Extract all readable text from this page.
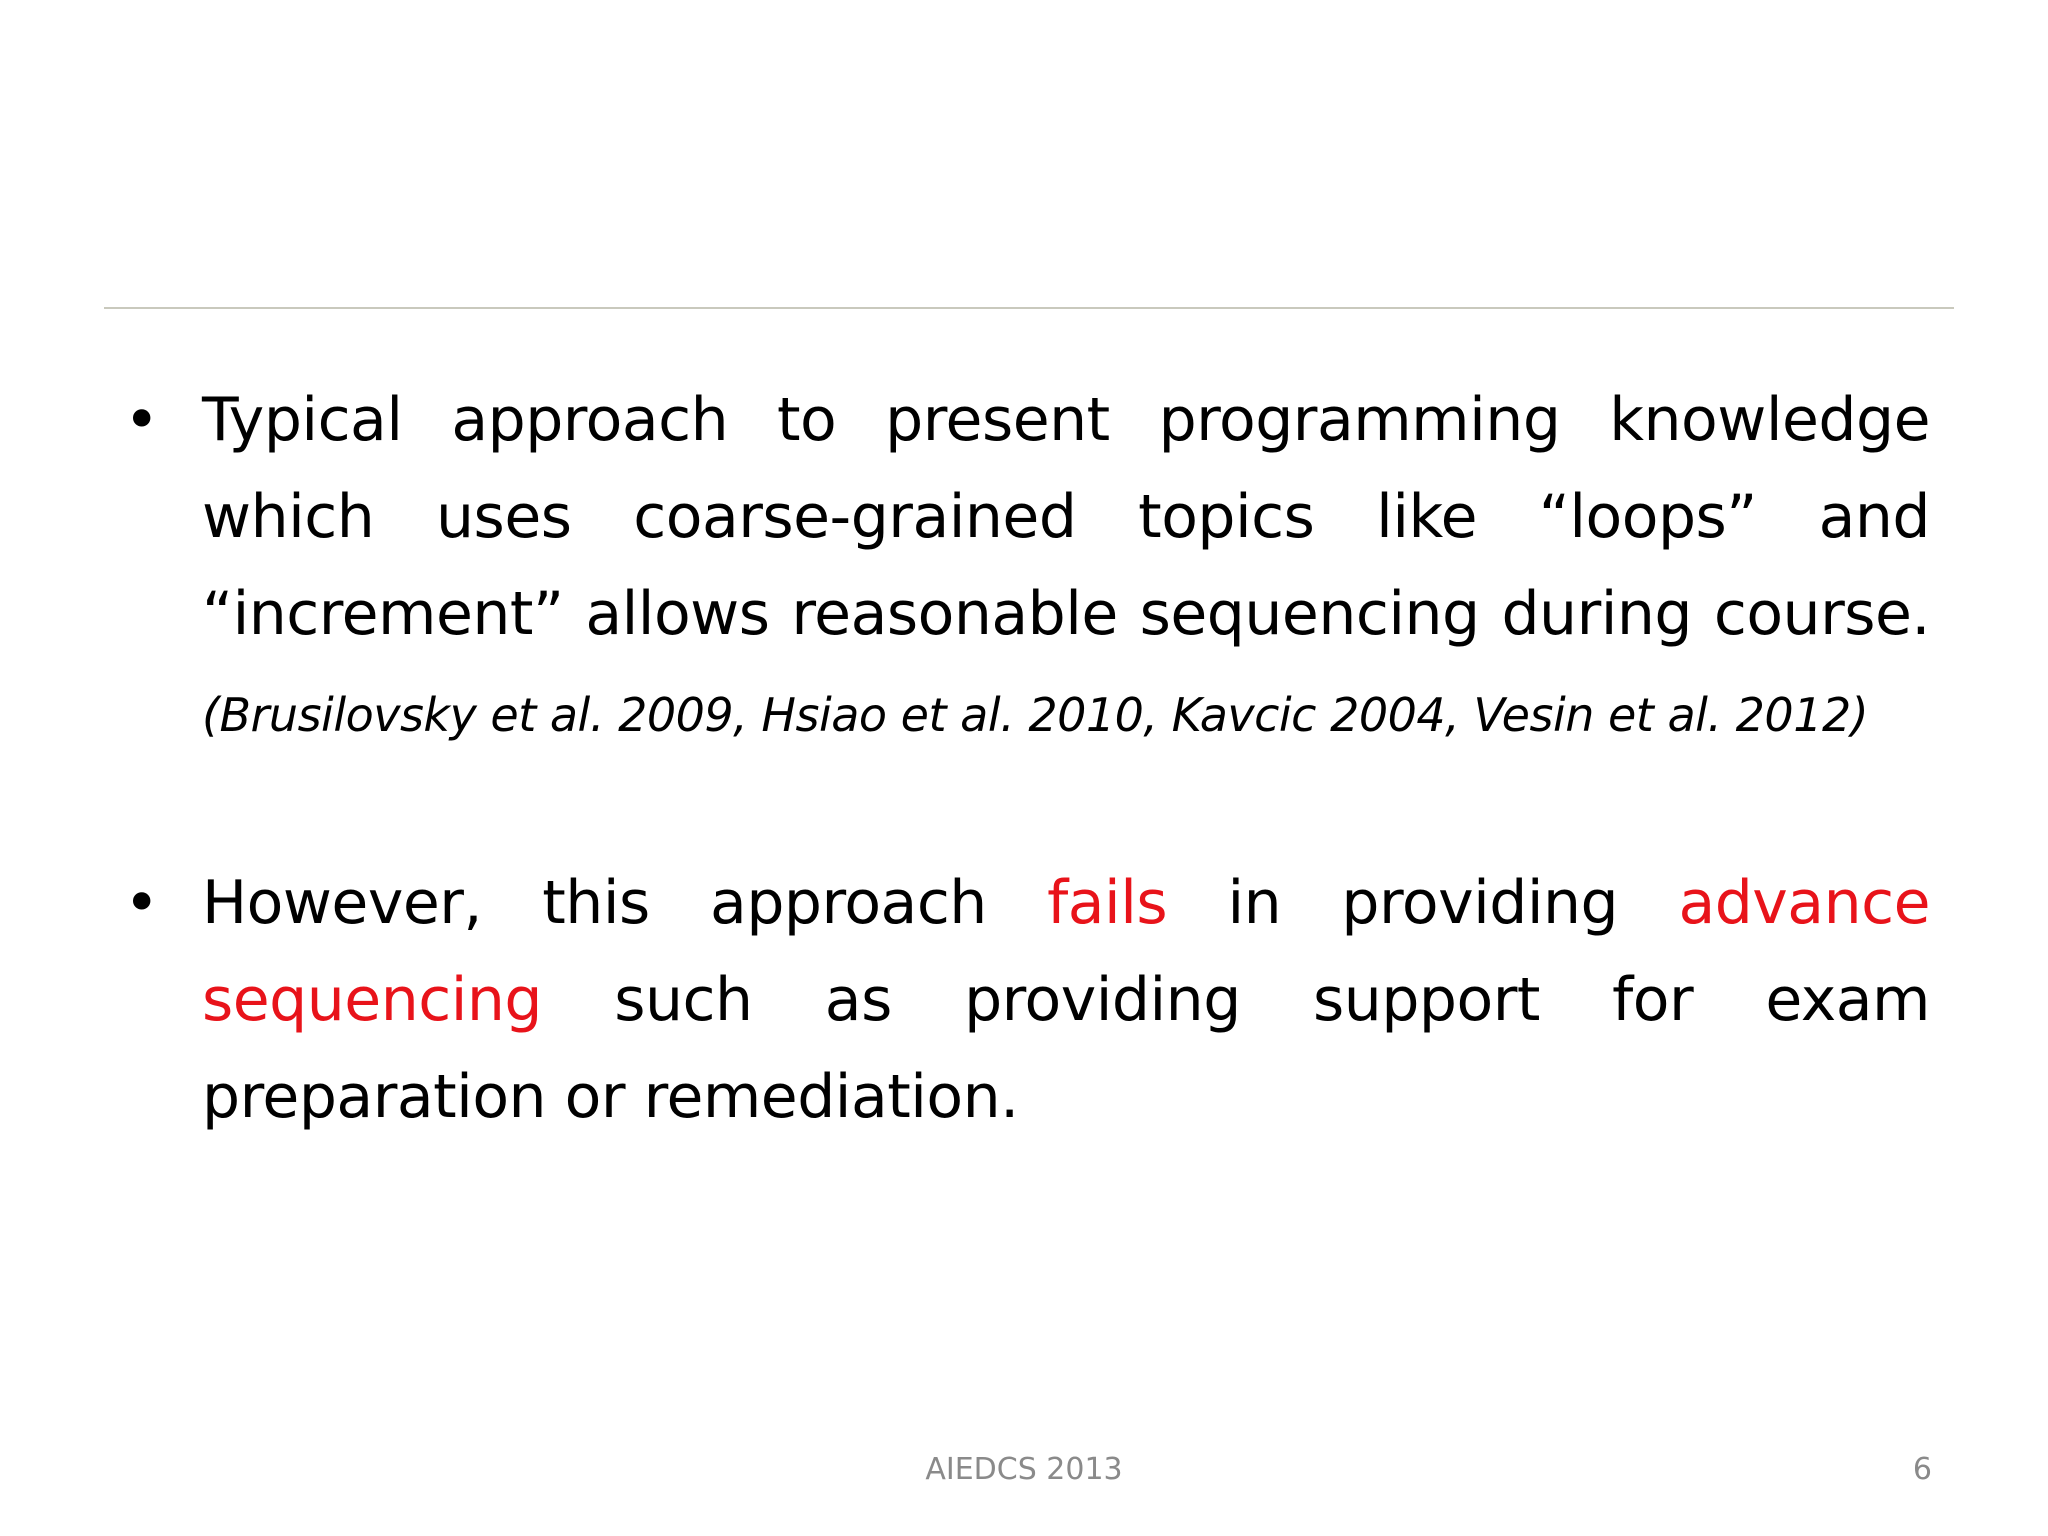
• Typical approach to present programming knowledge which uses coarse-grained topics like “loops” and “increment” allows reasonable sequencing during course. (Brusilovsky et al. 2009, Hsiao et al. 2010, Kavcic 2004, Vesin et al. 2012)
• However, this approach fails in providing advance sequencing such as providing support for exam preparation or remediation.
AIEDCS 2013	6
